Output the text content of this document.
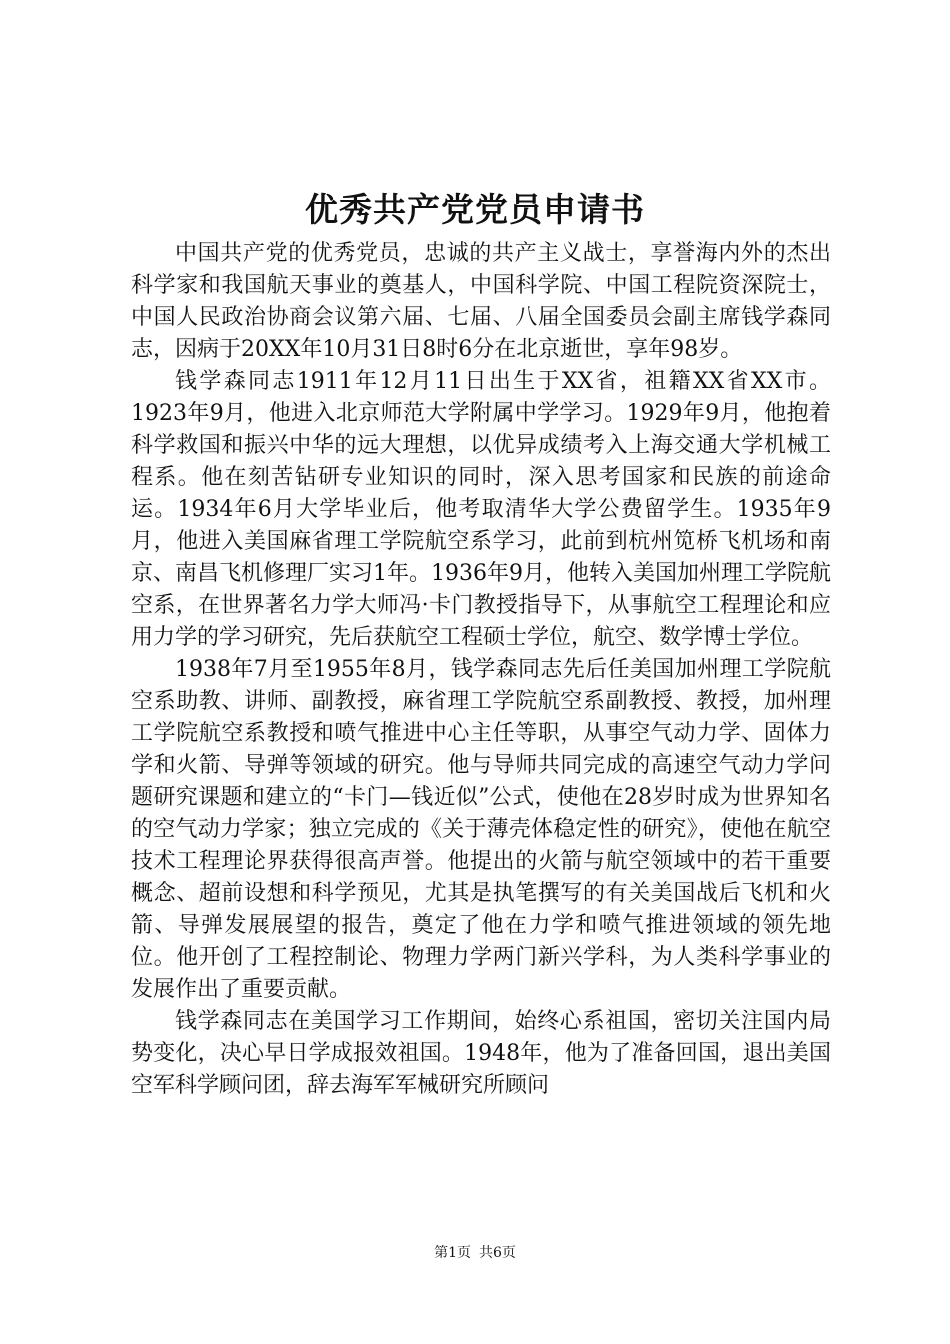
优秀共产党党员申请书

中国共产党的优秀党员，忠诚的共产主义战士，享誉海内外的杰出科学家和我国航天事业的奠基人，中国科学院、中国工程院资深院士，中国人民政治协商会议第六届、七届、八届全国委员会副主席钱学森同志，因病于20XX年10月31日8时6分在北京逝世，享年98岁。

钱学森同志1911年12月11日出生于XX省，祖籍XX省XX市。1923年9月，他进入北京师范大学附属中学学习。1929年9月，他抱着科学救国和振兴中华的远大理想，以优异成绩考入上海交通大学机械工程系。他在刻苦钻研专业知识的同时，深入思考国家和民族的前途命运。1934年6月大学毕业后，他考取清华大学公费留学生。1935年9月，他进入美国麻省理工学院航空系学习，此前到杭州笕桥飞机场和南京、南昌飞机修理厂实习1年。1936年9月，他转入美国加州理工学院航空系，在世界著名力学大师冯·卡门教授指导下，从事航空工程理论和应用力学的学习研究，先后获航空工程硕士学位，航空、数学博士学位。

1938年7月至1955年8月，钱学森同志先后任美国加州理工学院航空系助教、讲师、副教授，麻省理工学院航空系副教授、教授，加州理工学院航空系教授和喷气推进中心主任等职，从事空气动力学、固体力学和火箭、导弹等领域的研究。他与导师共同完成的高速空气动力学问题研究课题和建立的“卡门—钱近似”公式，使他在28岁时成为世界知名的空气动力学家；独立完成的《关于薄壳体稳定性的研究》，使他在航空技术工程理论界获得很高声誉。他提出的火箭与航空领域中的若干重要概念、超前设想和科学预见，尤其是执笔撰写的有关美国战后飞机和火箭、导弹发展展望的报告，奠定了他在力学和喷气推进领域的领先地位。他开创了工程控制论、物理力学两门新兴学科，为人类科学事业的发展作出了重要贡献。

钱学森同志在美国学习工作期间，始终心系祖国，密切关注国内局势变化，决心早日学成报效祖国。1948年，他为了准备回国，退出美国空军科学顾问团，辞去海军军械研究所顾问

第1页 共6页
